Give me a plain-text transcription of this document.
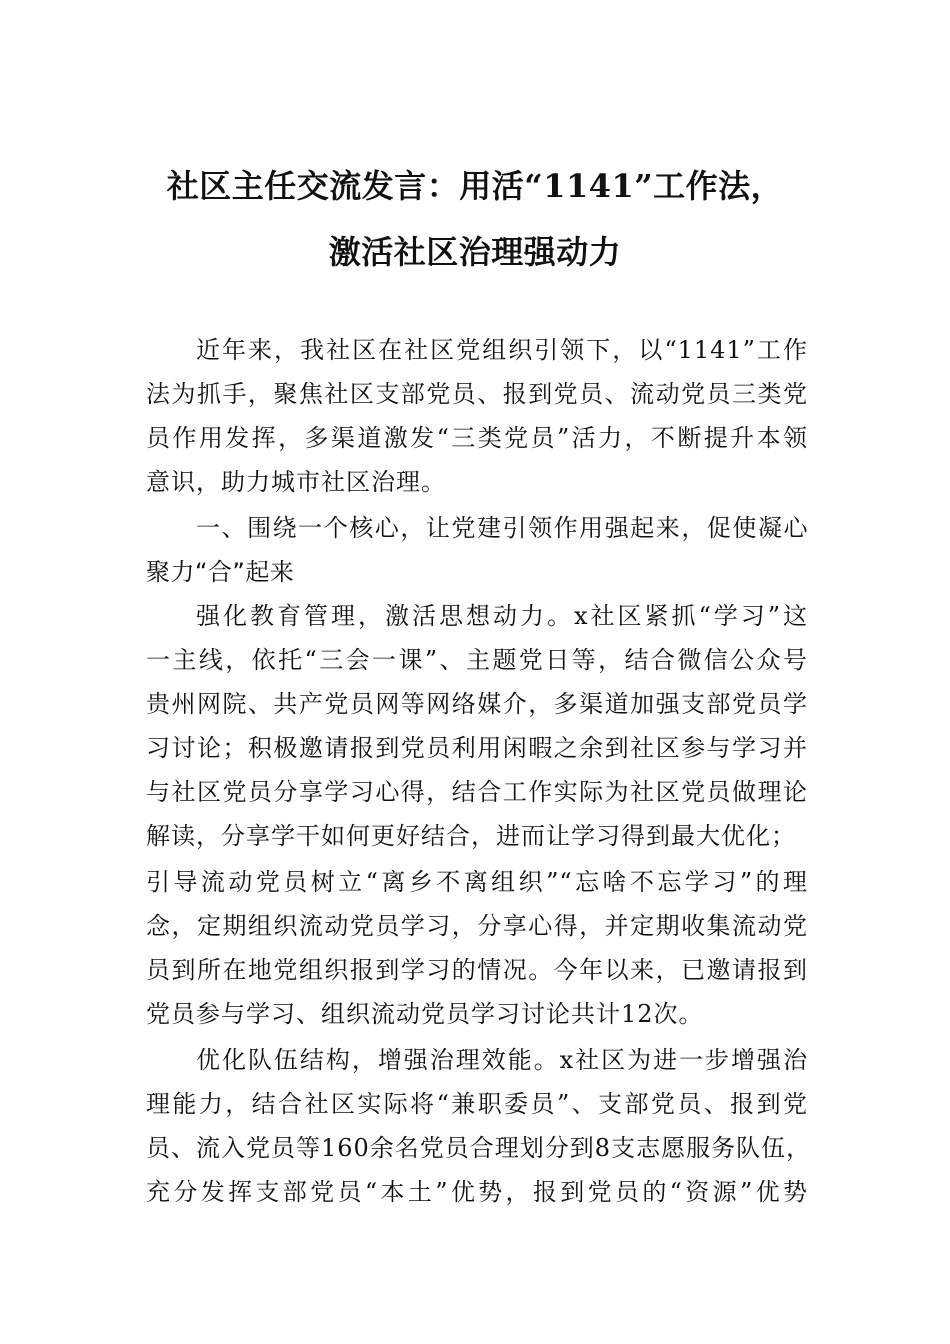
社区主任交流发言：用活“1141”工作法，
激活社区治理强动力

近年来，我社区在社区党组织引领下，以“1141”工作

法为抓手，聚焦社区支部党员、报到党员、流动党员三类党

员作用发挥，多渠道激发“三类党员”活力，不断提升本领

意识，助力城市社区治理。

一、围绕一个核心，让党建引领作用强起来，促使凝心

聚力“合”起来

强化教育管理，激活思想动力。x社区紧抓“学习”这

一主线，依托“三会一课”、主题党日等，结合微信公众号

贵州网院、共产党员网等网络媒介，多渠道加强支部党员学

习讨论；积极邀请报到党员利用闲暇之余到社区参与学习并

与社区党员分享学习心得，结合工作实际为社区党员做理论

解读，分享学干如何更好结合，进而让学习得到最大优化；

引导流动党员树立“离乡不离组织”“忘啥不忘学习”的理

念，定期组织流动党员学习，分享心得，并定期收集流动党

员到所在地党组织报到学习的情况。今年以来，已邀请报到

党员参与学习、组织流动党员学习讨论共计12次。

优化队伍结构，增强治理效能。x社区为进一步增强治

理能力，结合社区实际将“兼职委员”、支部党员、报到党

员、流入党员等160余名党员合理划分到8支志愿服务队伍，

充分发挥支部党员“本土”优势，报到党员的“资源”优势
